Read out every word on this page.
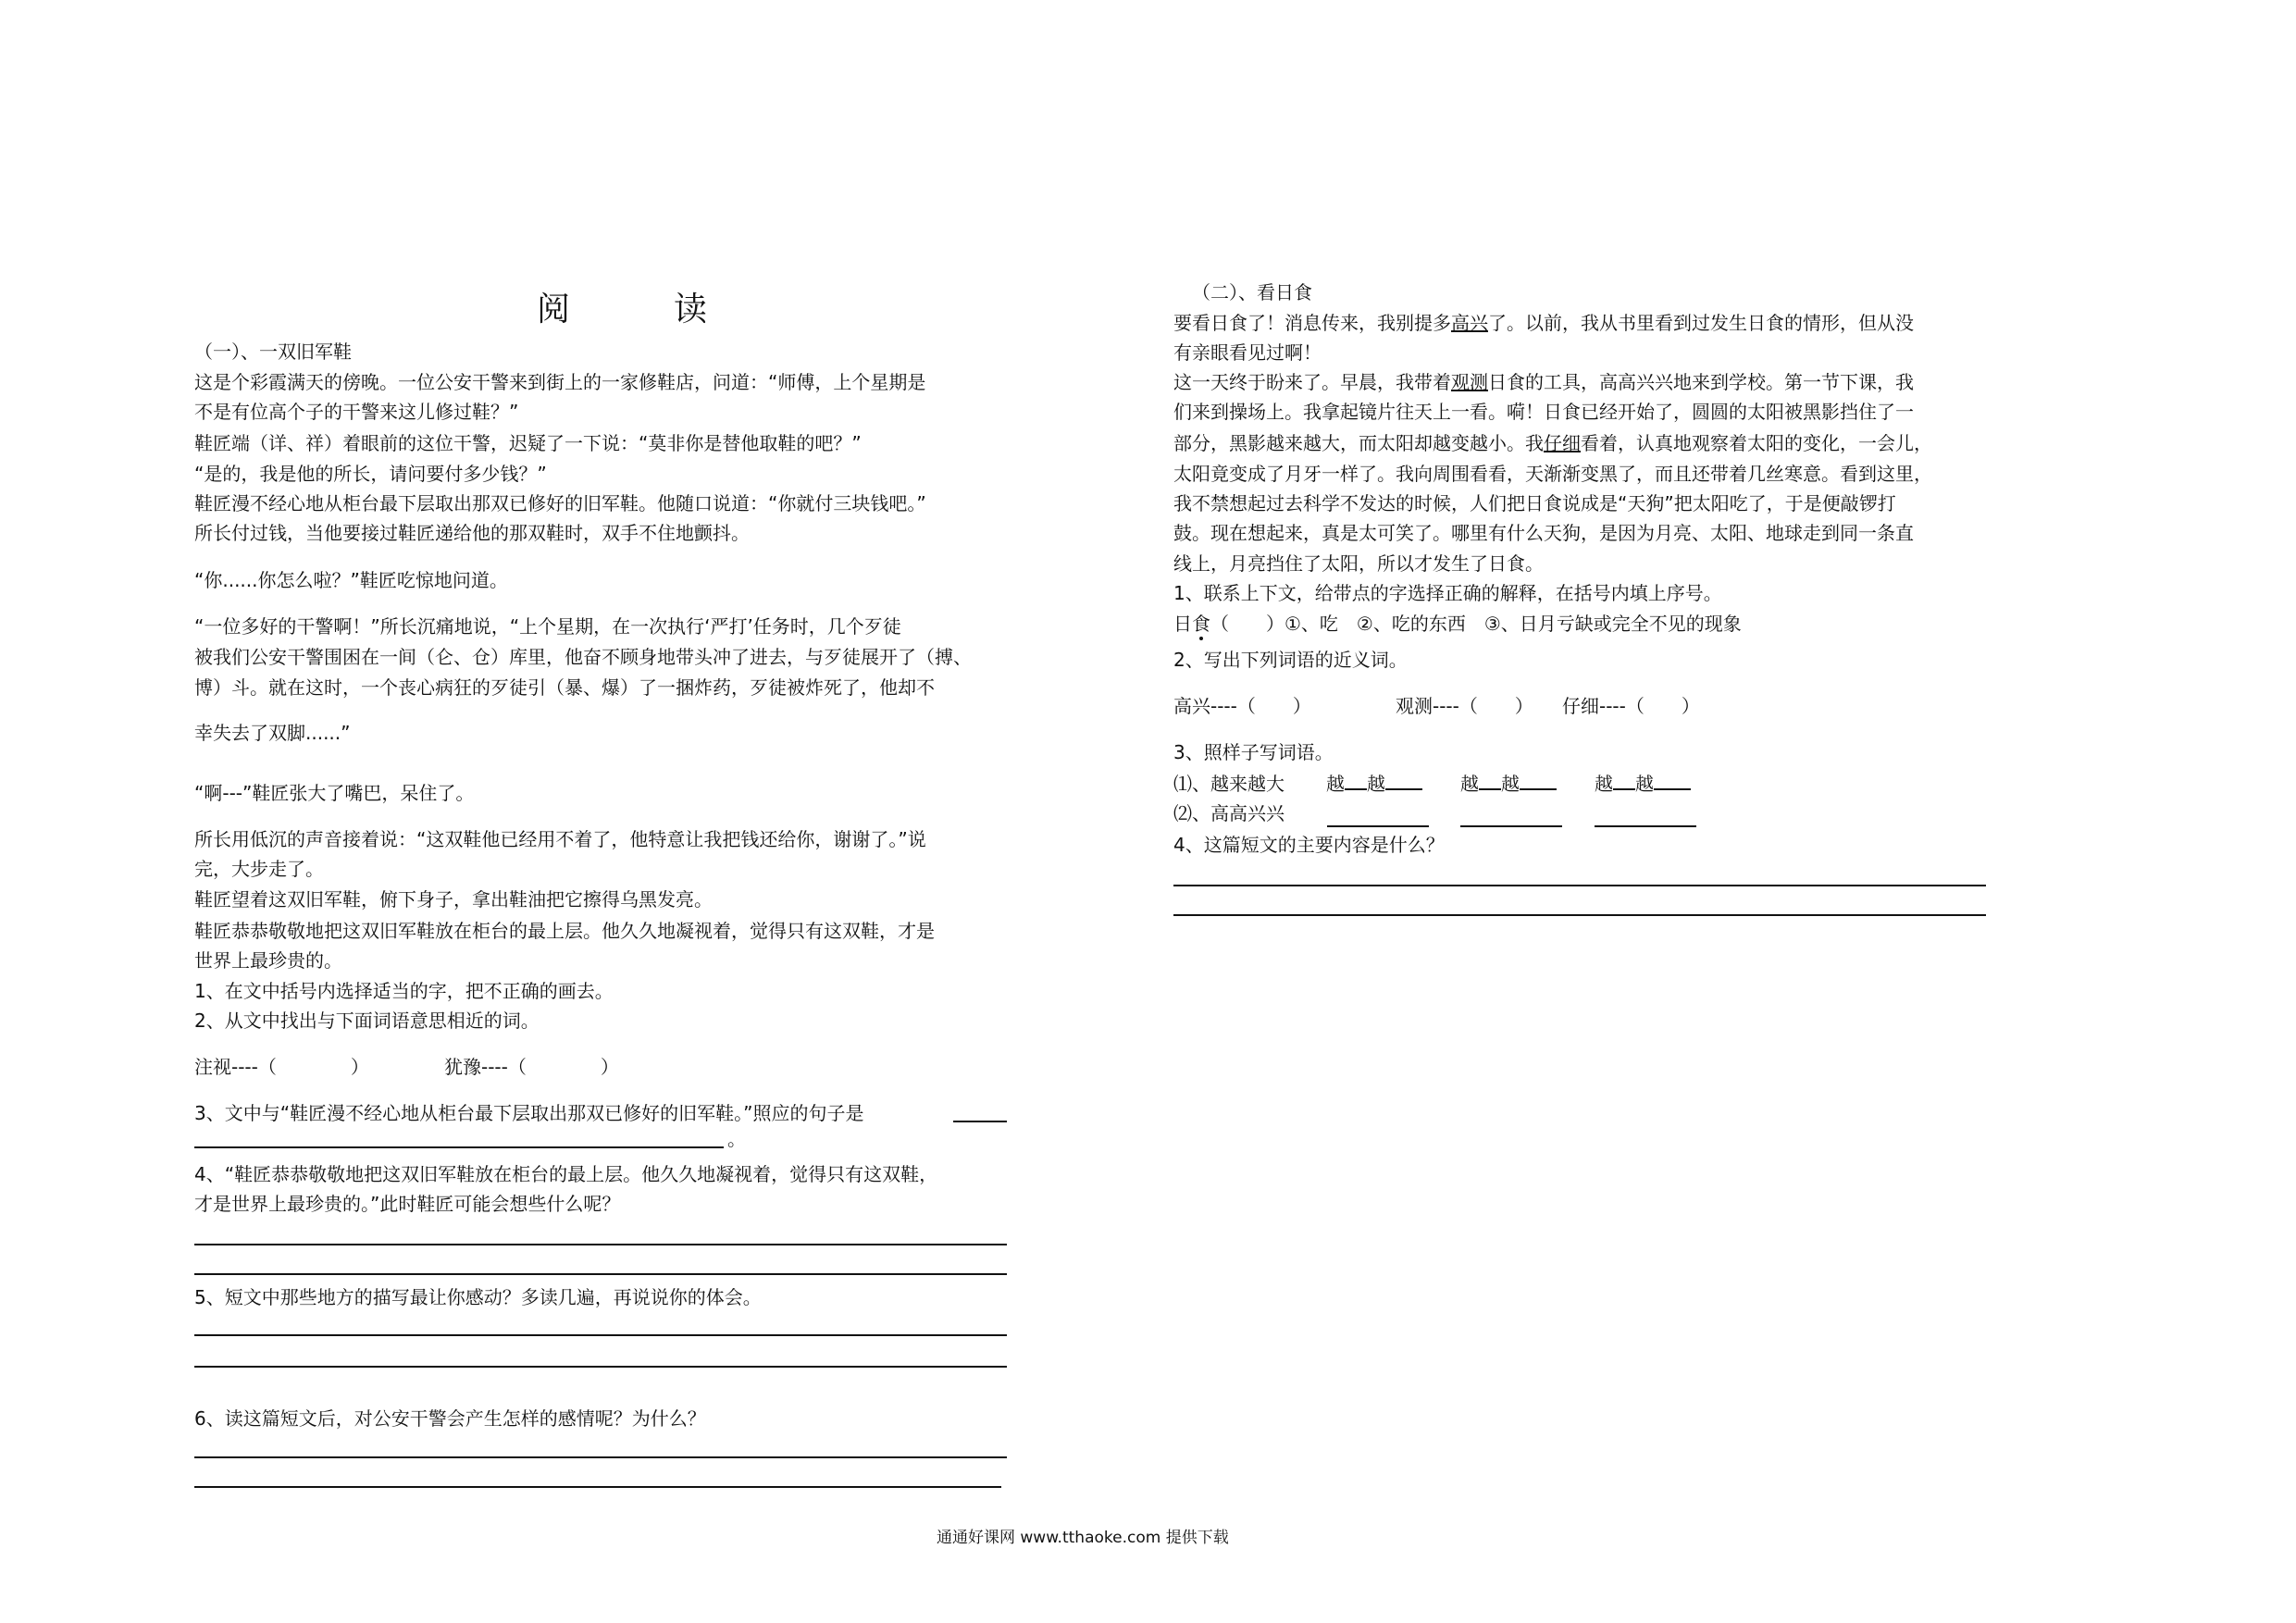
阅　读
（一）、一双旧军鞋
这是个彩霞满天的傍晚。一位公安干警来到街上的一家修鞋店，问道：“师傅，上个星期是
不是有位高个子的干警来这儿修过鞋？”
鞋匠端（详、祥）着眼前的这位干警，迟疑了一下说：“莫非你是替他取鞋的吧？”
“是的，我是他的所长，请问要付多少钱？”
鞋匠漫不经心地从柜台最下层取出那双已修好的旧军鞋。他随口说道：“你就付三块钱吧。”
所长付过钱，当他要接过鞋匠递给他的那双鞋时，双手不住地颤抖。
“你......你怎么啦？”鞋匠吃惊地问道。
“一位多好的干警啊！”所长沉痛地说，“上个星期，在一次执行‘严打’任务时，几个歹徒
被我们公安干警围困在一间（仑、仓）库里，他奋不顾身地带头冲了进去，与歹徒展开了（搏、
博）斗。就在这时，一个丧心病狂的歹徒引（暴、爆）了一捆炸药，歹徒被炸死了，他却不
幸失去了双脚......”
“啊---”鞋匠张大了嘴巴，呆住了。
所长用低沉的声音接着说：“这双鞋他已经用不着了，他特意让我把钱还给你，谢谢了。”说
完，大步走了。
鞋匠望着这双旧军鞋，俯下身子，拿出鞋油把它擦得乌黑发亮。
鞋匠恭恭敬敬地把这双旧军鞋放在柜台的最上层。他久久地凝视着，觉得只有这双鞋，才是
世界上最珍贵的。
1、在文中括号内选择适当的字，把不正确的画去。
2、从文中找出与下面词语意思相近的词。
注视----（　　　　）	犹豫----（　　　　）
3、文中与“鞋匠漫不经心地从柜台最下层取出那双已修好的旧军鞋。”照应的句子是
。
4、“鞋匠恭恭敬敬地把这双旧军鞋放在柜台的最上层。他久久地凝视着，觉得只有这双鞋，
才是世界上最珍贵的。”此时鞋匠可能会想些什么呢？
5、短文中那些地方的描写最让你感动？多读几遍，再说说你的体会。
6、读这篇短文后，对公安干警会产生怎样的感情呢？为什么？
（二）、看日食
要看日食了！消息传来，我别提多高兴了。以前，我从书里看到过发生日食的情形，但从没
有亲眼看见过啊！
这一天终于盼来了。早晨，我带着观测日食的工具，高高兴兴地来到学校。第一节下课，我
们来到操场上。我拿起镜片往天上一看。嗬！日食已经开始了，圆圆的太阳被黑影挡住了一
部分，黑影越来越大，而太阳却越变越小。我仔细看着，认真地观察着太阳的变化，一会儿，
太阳竟变成了月牙一样了。我向周围看看，天渐渐变黑了，而且还带着几丝寒意。看到这里，
我不禁想起过去科学不发达的时候，人们把日食说成是“天狗”把太阳吃了，于是便敲锣打
鼓。现在想起来，真是太可笑了。哪里有什么天狗，是因为月亮、太阳、地球走到同一条直
线上，月亮挡住了太阳，所以才发生了日食。
1、联系上下文，给带点的字选择正确的解释，在括号内填上序号。
日食（　　）①、吃　②、吃的东西　③、日月亏缺或完全不见的现象
2、写出下列词语的近义词。
高兴----（　　）	观测----（　　） 仔细----（　　）
3、照样子写词语。
⑴、越来越大 越 越	越 越	越 越
⑵、高高兴兴
4、这篇短文的主要内容是什么？
通通好课网 www.tthaoke.com 提供下载
